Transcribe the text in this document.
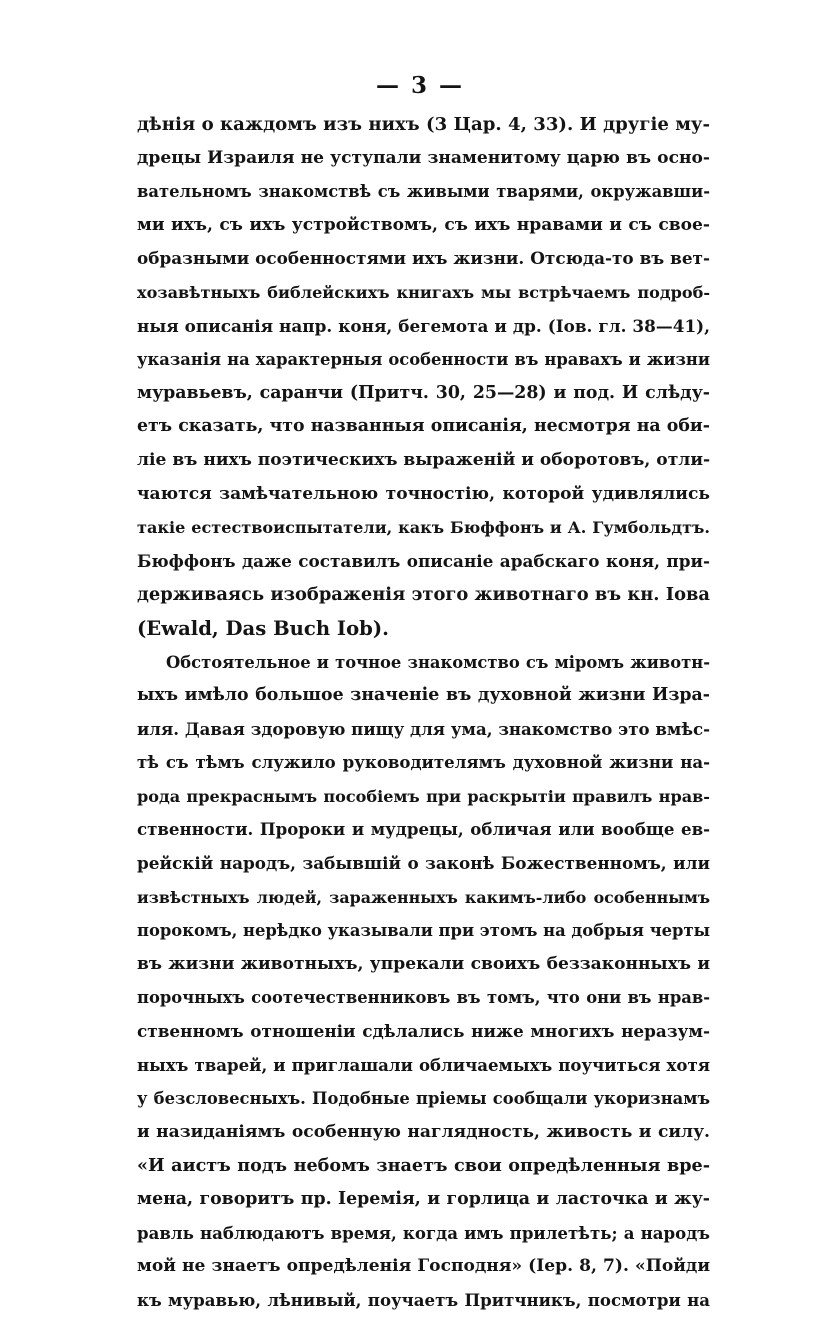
— 3 —
дѣнія о каждомъ изъ нихъ (3 Цар. 4, 33). И другіе му-
дрецы Израиля не уступали знаменитому царю въ осно-
вательномъ знакомствѣ съ живыми тварями, окружавши-
ми ихъ, съ ихъ устройствомъ, съ ихъ нравами и съ свое-
образными особенностями ихъ жизни. Отсюда-то въ вет-
хозавѣтныхъ библейскихъ книгахъ мы встрѣчаемъ подроб-
ныя описанія напр. коня, бегемота и др. (Іов. гл. 38—41),
указанія на характерныя особенности въ нравахъ и жизни
муравьевъ, саранчи (Притч. 30, 25—28) и под. И слѣду-
етъ сказать, что названныя описанія, несмотря на оби-
ліе въ нихъ поэтическихъ выраженій и оборотовъ, отли-
чаются замѣчательною точностію, которой удивлялись
такіе естествоиспытатели, какъ Бюффонъ и А. Гумбольдтъ.
Бюффонъ даже составилъ описаніе арабскаго коня, при-
держиваясь изображенія этого животнаго въ кн. Іова
(Ewald, Das Buch Iob).
Обстоятельное и точное знакомство съ міромъ животн-
ыхъ имѣло большое значеніе въ духовной жизни Изра-
иля. Давая здоровую пищу для ума, знакомство это вмѣс-
тѣ съ тѣмъ служило руководителямъ духовной жизни на-
рода прекраснымъ пособіемъ при раскрытіи правилъ нрав-
ственности. Пророки и мудрецы, обличая или вообще ев-
рейскій народъ, забывшій о законѣ Божественномъ, или
извѣстныхъ людей, зараженныхъ какимъ-либо особеннымъ
порокомъ, нерѣдко указывали при этомъ на добрыя черты
въ жизни животныхъ, упрекали своихъ беззаконныхъ и
порочныхъ соотечественниковъ въ томъ, что они въ нрав-
ственномъ отношеніи сдѣлались ниже многихъ неразум-
ныхъ тварей, и приглашали обличаемыхъ поучиться хотя
у безсловесныхъ. Подобные пріемы сообщали укоризнамъ
и назиданіямъ особенную наглядность, живость и силу.
«И аистъ подъ небомъ знаетъ свои опредѣленныя вре-
мена, говоритъ пр. Іеремія, и горлица и ласточка и жу-
равль наблюдаютъ время, когда имъ прилетѣть; а народъ
мой не знаетъ опредѣленія Господня» (Іер. 8, 7). «Пойди
къ муравью, лѣнивый, поучаетъ Притчникъ, посмотри на
